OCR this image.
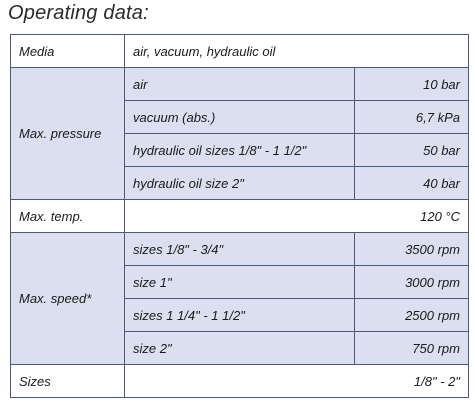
Operating data:
Media	air, vacuum, hydraulic oil	
Max. pressure	air	10 bar
	vacuum (abs.)	6,7 kPa
	hydraulic oil sizes 1/8" - 1 1/2"	50 bar
	hydraulic oil size 2"	40 bar
Max. temp.	120 °C	
Max. speed*	sizes 1/8" - 3/4"	3500 rpm
	size 1"	3000 rpm
	sizes 1 1/4" - 1 1/2"	2500 rpm
	size 2"	750 rpm
Sizes	1/8" - 2"	
